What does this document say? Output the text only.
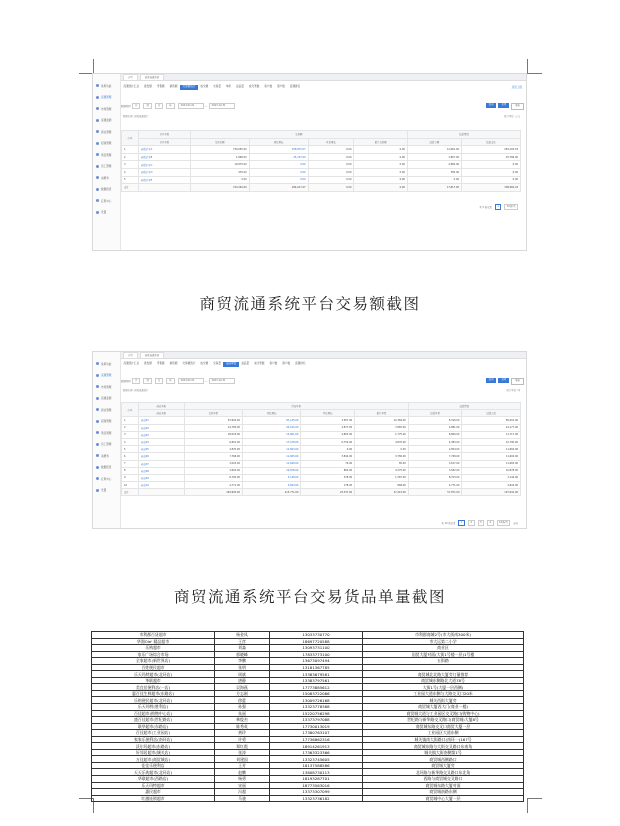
常用功能
流通管理
市场管理
流通监测
商业管理
招商管理
项目管理
员工管理
消费券
数据报表
应用中心
设置
首页	商贸流通系统
流通统计汇总	批发额	零售额	销售额	交易额统计	成交额	交易量	单价	货品量	成交笔数	客户数	商户数	流通排名	返回上级
数据时间	日	周	月	年	2023-01-01	~	2023-12-31	查询	重置	导出
数据来源: 商贸流通统计	统计单位: 万元
序号	企业名称	交易额				结算情况	
	企业名称	交易总额	同比增长	环比增长	累计交易额	结算金额	结算占比
1	商贸企业A	730,050.00	258,870.07	0.00	0.00	12,681.00	283,193.03
2	商贸企业B	1,868.00	25,747.00	0.00	0.00	1,867.00	25,789.00
3	商贸企业C	10,870.00	0.00	0.00	0.00	2,884.00	0.00
4	商贸企业D	476.00	0.00	0.00	0.00	385.00	0.00
5	商贸企业E	0.00	0.00	0.00	0.00	0.00	0.00
合计		743,264.00	284,617.07	0.00	0.00	17,817.00	308,982.03
共 5 条记录	1	10条/页
商贸流通系统平台交易额截图
常用功能
流通管理
市场管理
流通监测
商业管理
招商管理
项目管理
员工管理
消费券
数据报表
应用中心
设置
首页	商贸流通系统
流通统计汇总	批发额	零售额	销售额	交易额统计	成交额	交易量	货品单量	货品量	成交笔数	客户数	商户数	流通排名
数据时间	日	周	月	年	2023-01-01	~	2023-12-31	查询	重置	导出
数据来源: 商贸流通统计	统计单位: 吨
序号	商品名称	货品单量				结算情况	
	商品名称	交易单量	同比增长	环比增长	累计单量	结算单量	结算占比
1	商品01	87,602.00	87,145.00	3,567.00	12,384.00	8,316.00	85,001.00
2	商品02	24,785.00	44,015.00	4,877.00	7,865.00	4,881.00	24,177.00
3	商品03	28,003.00	13,801.00	4,803.00	1,775.00	8,806.00	11,717.00
4	商品04	6,801.00	17,078.00	6,750.00	4,876.00	4,383.00	22,790.00
5	商品05	4,870.00	11,603.00	0.00	0.00	2,854.00	11,804.00
6	商品06	7,768.00	11,605.00	3,844.00	3,780.00	7,768.00	11,604.00
7	商品07	3,003.00	11,648.00	76.00	85.00	3,617.00	11,683.00
8	商品08	3,602.00	10,878.00	864.00	4,375.00	3,562.00	10,878.00
9	商品09	8,700.00	3,148.00	378.00	1,387.00	8,703.00	3,144.00
10	商品10	4,771.00	4,843.00	178.00	868.00	4,771.00	4,843.00
合计		199,905.00	215,771.00	25,337.00	37,415.00	57,871.00	197,641.00
共 10 条记录	1	2	3	4	10条/页	前往
商贸流通系统平台交易货品单量截图
市利郡百货超市	杨金凤	13033730770	市利郡商城2号(市大街南300米)
华润Ole' 精品超市	王彦	18697720588	市大运第二小学
乐购超市	刘淼	13093731100	商业区
家乐广场综合市场	郭晓峰	17833773100	国贸大厦对面(大街1号楼一层)1号楼
全家超市(新世界店)	李鹏	13673097494	五街路
百姓便民超市	张明	13181367785	
乐天玛特超市(北环店)	周斌	13383679581	商贸城北北路大厦旁订量推荐
华联超市	唐静	13383797561	商贸城东侧路北大道78号
美宜佳便利店(一店)	吴海燕	17773885612	大街1号(大厦一层西侧)
惠百佳生鲜超市(东路店)	方志刚	15083722066	工业园大道东侧与大路交叉口20米
乐购便民超市(北环店)	徐蕾	13009726168	城关西街大厦旁
乐天玛特(胜利店)	孙强	13323778388	商贸城大厦西大门(商业一楼)
百佳超市(购物中心店)	朱丽	15220756298	商贸城大道与工业园区交叉路口(购物中心)
盛百佳超市(世纪路店)	林俊杰	13373797088	世纪路与新华路交叉路口(商贸城)大厦8号
联华超市(东路店)	陈秀英	17730013019	商贸城东路交叉口商贸大厦一层
百佳超市(工业园店)	黄玲	17380763107	工业园区大道东侧
家家乐便利店(南环店)	许勇	17736862316	城关镇南大街路口(南环一)167号
沃尔玛超市(东路店)	郑红霞	18914261913	商贸城东路与大街交叉路口东南角
好邻居超市(城关店)	张涛	17363323366	城关镇大街南侧第1号
万佳超市(商贸城店)	刘建国	13323745605	商贸城西侧路口
佳佳乐便利店	王芳	18137588586	商贸城大厦旁
天天乐购超市(北环店)	赵鹏	13808730113	北环路与新华路交叉路口东北角
华联超市(西路店)	杨勇	18193287701	西路与商贸城交叉路口
乐天玛特超市	宋丽	18773563016	商贸城东路大厦对面
惠民超市	冯超	13373307099	商贸城南路东侧
红旗连锁超市	马骏	13323736182	商贸城中心大厦一层
